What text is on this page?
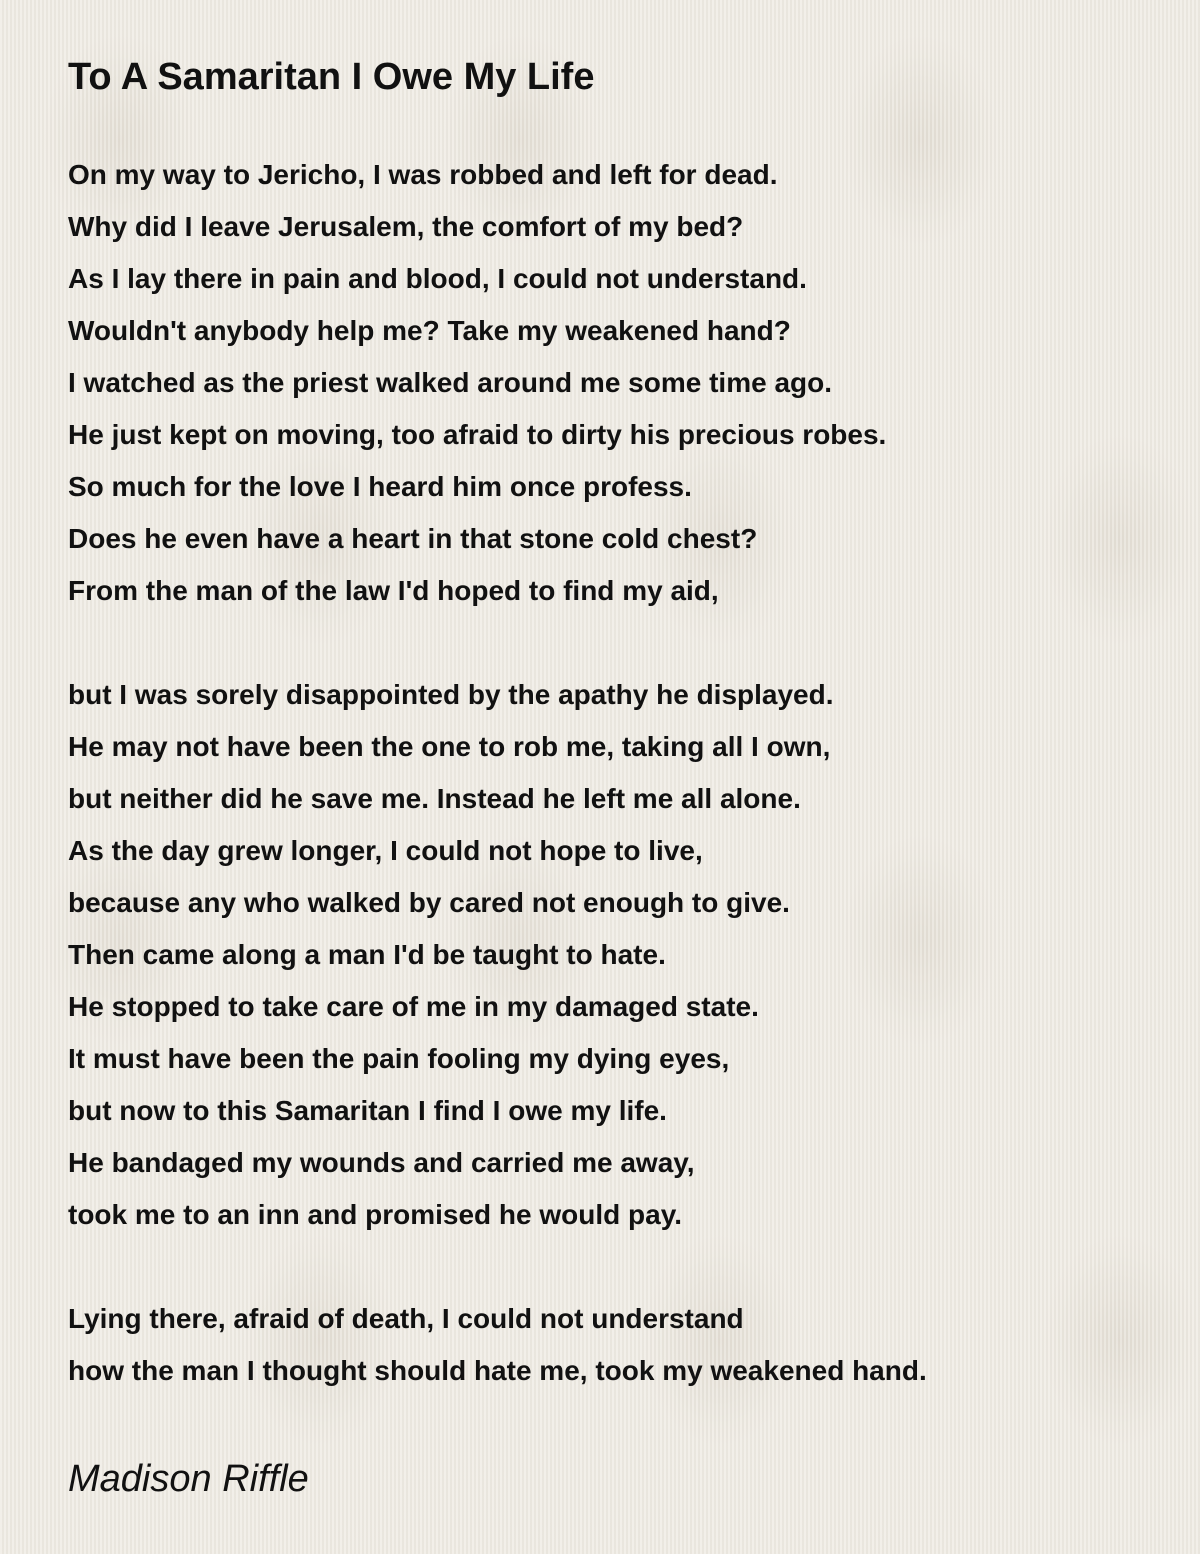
To A Samaritan I Owe My Life
On my way to Jericho, I was robbed and left for dead.
Why did I leave Jerusalem, the comfort of my bed?
As I lay there in pain and blood, I could not understand.
Wouldn't anybody help me? Take my weakened hand?
I watched as the priest walked around me some time ago.
He just kept on moving, too afraid to dirty his precious robes.
So much for the love I heard him once profess.
Does he even have a heart in that stone cold chest?
From the man of the law I'd hoped to find my aid,
but I was sorely disappointed by the apathy he displayed.
He may not have been the one to rob me, taking all I own,
but neither did he save me. Instead he left me all alone.
As the day grew longer, I could not hope to live,
because any who walked by cared not enough to give.
Then came along a man I'd be taught to hate.
He stopped to take care of me in my damaged state.
It must have been the pain fooling my dying eyes,
but now to this Samaritan I find I owe my life.
He bandaged my wounds and carried me away,
took me to an inn and promised he would pay.
Lying there, afraid of death, I could not understand
how the man I thought should hate me, took my weakened hand.
Madison Riffle
